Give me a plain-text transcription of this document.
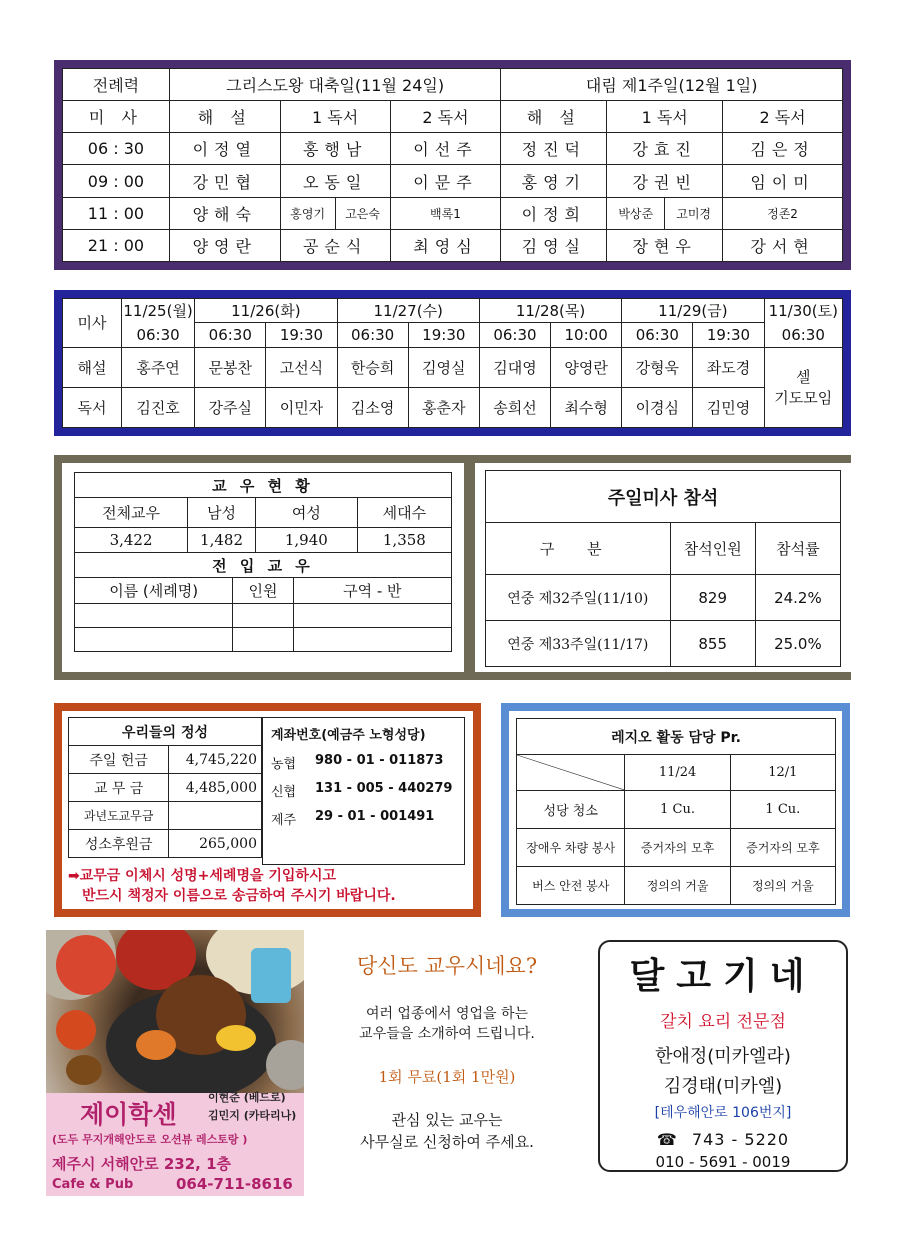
전례력	그리스도왕 대축일(11월 24일)				대림 제1주일(12월 1일)			
미 사	해 설	1 독서		2 독서	해 설	1 독서		2 독서
06 : 30	이정열	홍행남		이선주	정진덕	강효진		김은정
09 : 00	강민협	오동일		이문주	홍영기	강권빈		임이미
11 : 00	양해숙	홍영기	고은숙	백록1	이정희	박상준	고미경	정존2
21 : 00	양영란	공순식		최영심	김영실	장현우		강서현
미사	11/25(월)	11/26(화)		11/27(수)		11/28(목)		11/29(금)		11/30(토)
	06:30	06:30	19:30	06:30	19:30	06:30	10:00	06:30	19:30	06:30
해설	홍주연	문봉찬	고선식	한승희	김영실	김대영	양영란	강형욱	좌도경	셀
기도모임

독서	김진호	강주실	이민자	김소영	홍춘자	송희선	최수형	이경심	김민영	
교 우 현 황			
전체교우	남성	여성	세대수
3,422	1,482	1,940	1,358
전 입 교 우			
이름 (세례명)	인원	구역 - 반

주일미사 참석		
구 분	참석인원	참석률
연중 제32주일(11/10)	829	24.2%
연중 제33주일(11/17)	855	25.0%
우리들의 정성	
주일 헌금	4,745,220
교 무 금	4,485,000
과년도교무금	
성소후원금	265,000
계좌번호(예금주 노형성당)
농협	980 - 01 - 011873
신협	131 - 005 - 440279
제주	29 - 01 - 001491
➡교무금 이체시 성명+세례명을 기입하시고
반드시 책정자 이름으로 송금하여 주시기 바랍니다.
레지오 활동 담당 Pr.		

	11/24	12/1
성당 청소	1 Cu.	1 Cu.
장애우 차량 봉사	증거자의 모후	증거자의 모후
버스 안전 봉사	정의의 거울	정의의 거울
이현준 (베드로)
제이학센	김민지 (카타리나)
(도두 무지개해안도로 오션뷰 레스토랑 )
제주시 서해안로 232, 1층
Cafe & Pub	064-711-8616
당신도 교우시네요?
여러 업종에서 영업을 하는
교우들을 소개하여 드립니다.
1회 무료(1회 1만원)
관심 있는 교우는
사무실로 신청하여 주세요.
달고기네
갈치 요리 전문점
한애정(미카엘라)
김경태(미카엘)
[테우해안로 106번지]
☎ 743 - 5220
010 - 5691 - 0019
